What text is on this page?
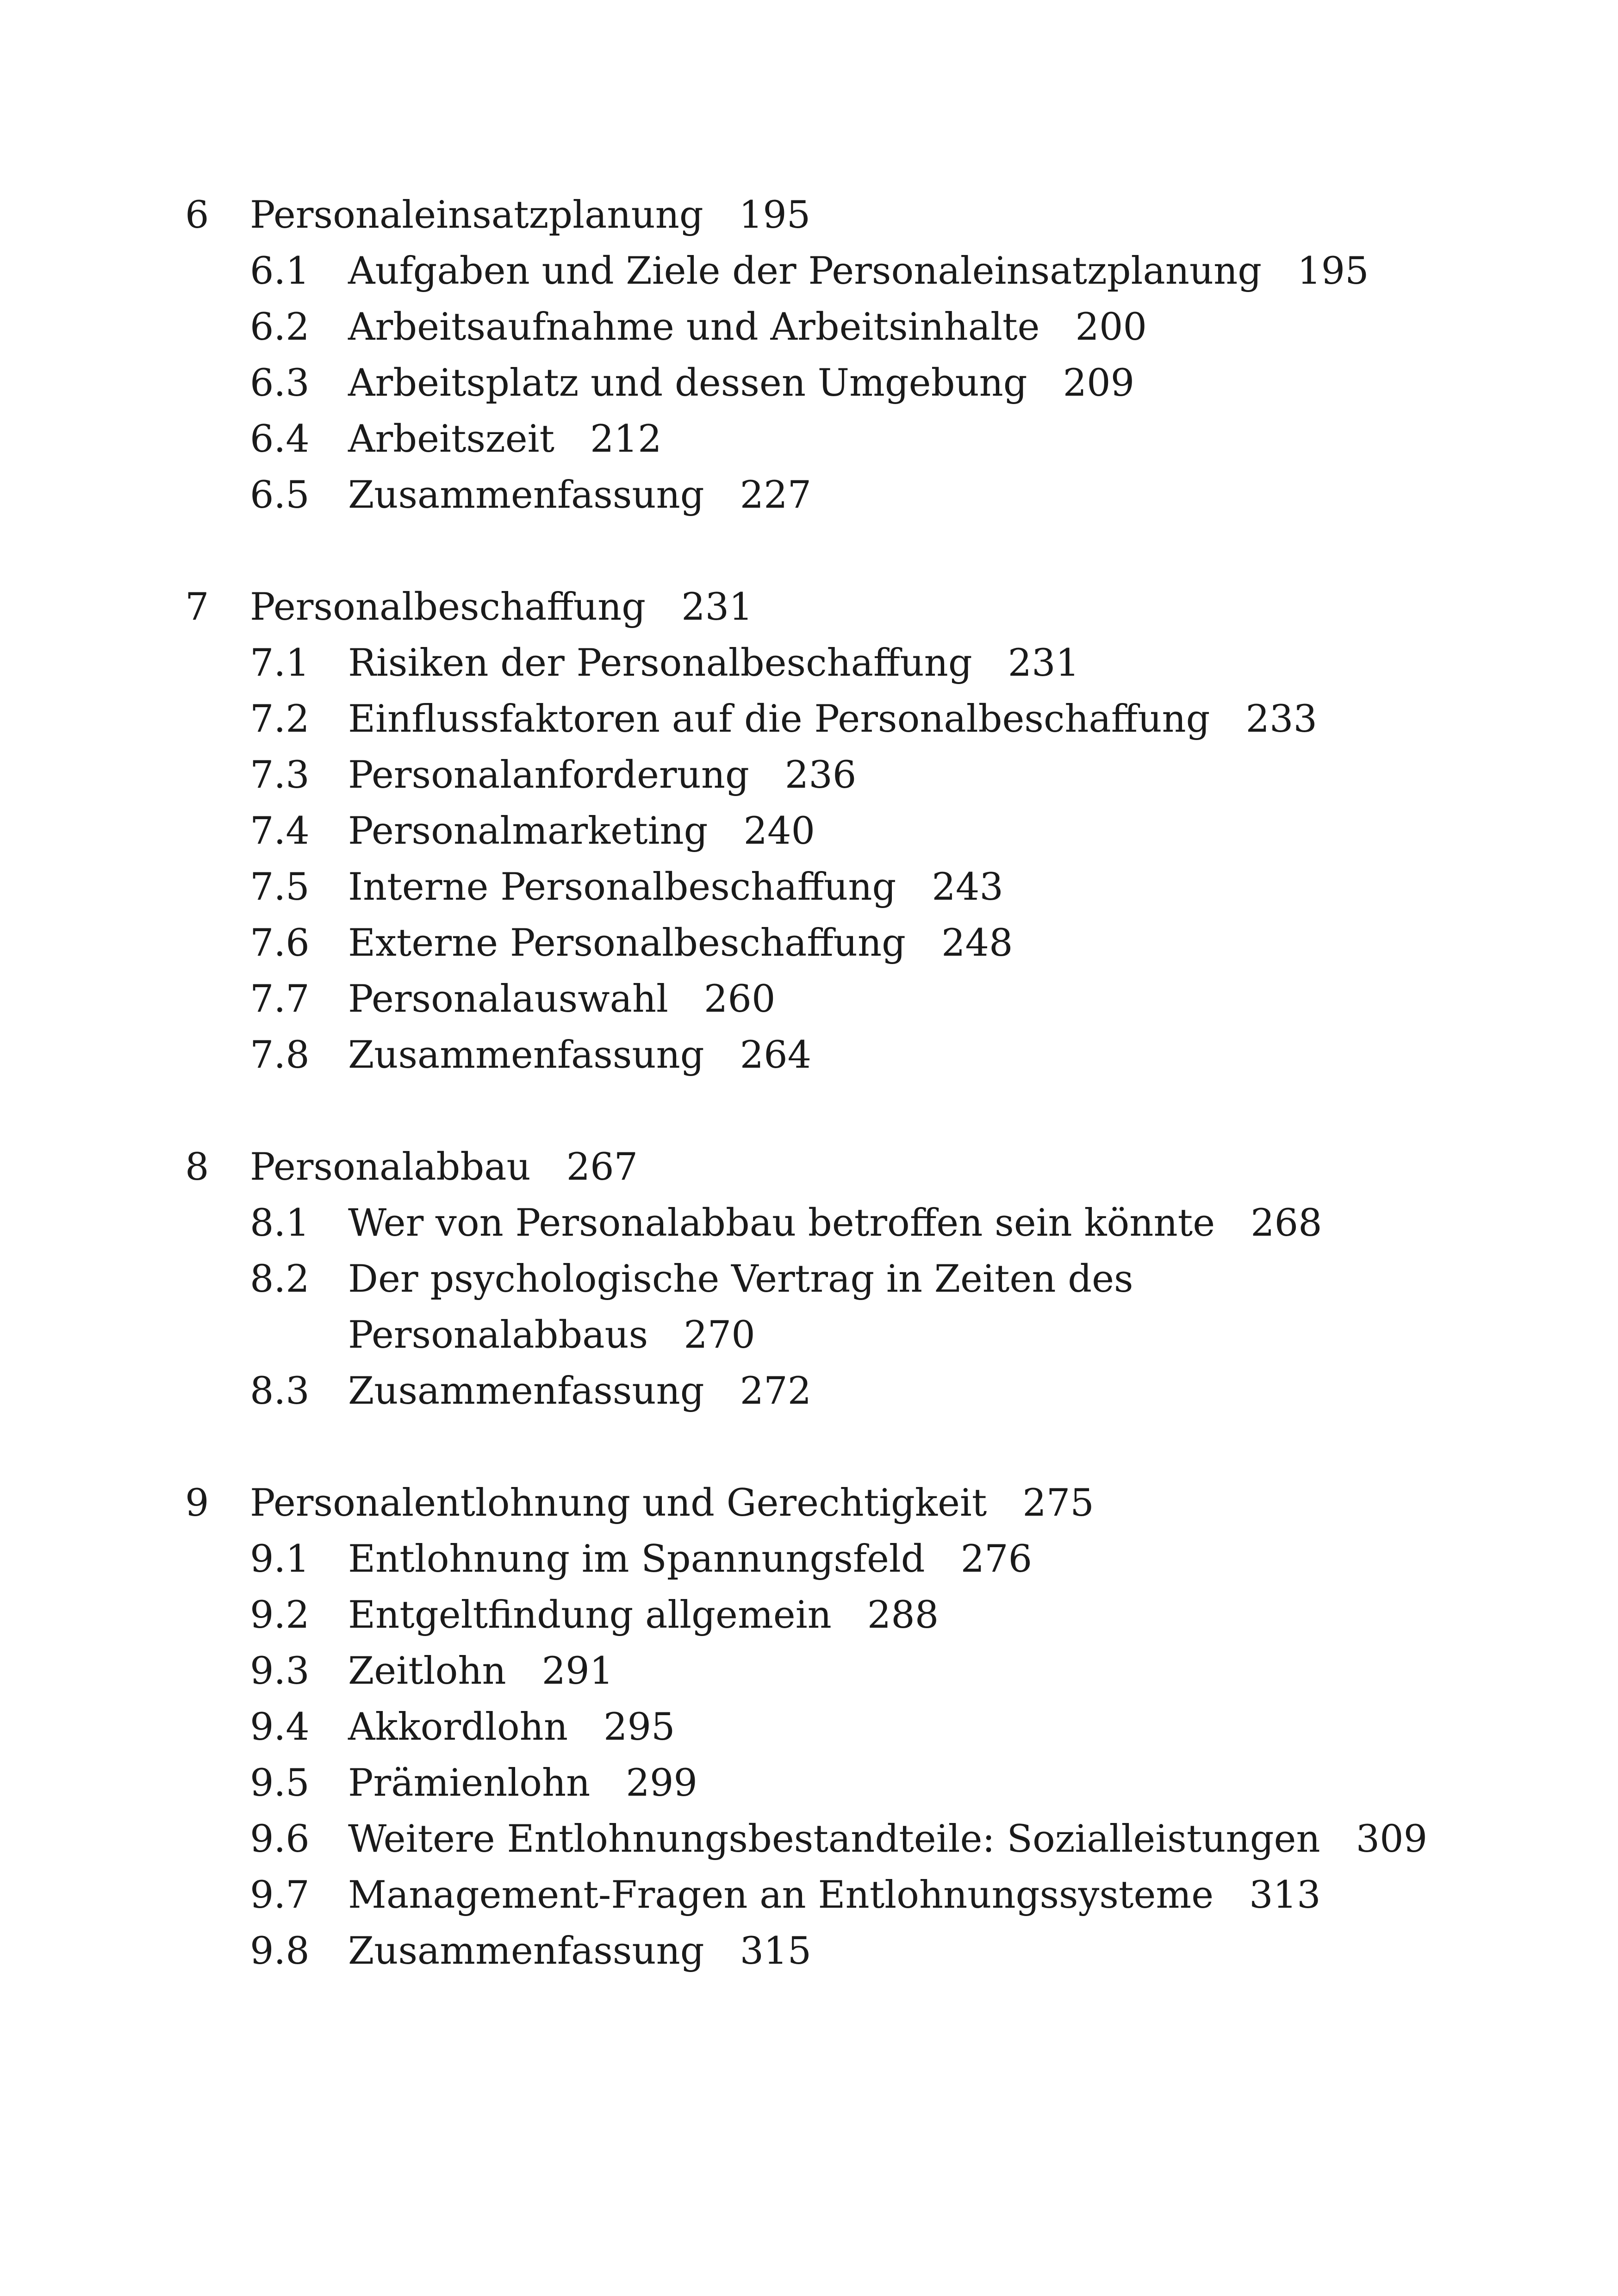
6 Personaleinsatzplanung 195
6.1 Aufgaben und Ziele der Personaleinsatzplanung 195
6.2 Arbeitsaufnahme und Arbeitsinhalte 200
6.3 Arbeitsplatz und dessen Umgebung 209
6.4 Arbeitszeit 212
6.5 Zusammenfassung 227
7 Personalbeschaffung 231
7.1 Risiken der Personalbeschaffung 231
7.2 Einflussfaktoren auf die Personalbeschaffung 233
7.3 Personalanforderung 236
7.4 Personalmarketing 240
7.5 Interne Personalbeschaffung 243
7.6 Externe Personalbeschaffung 248
7.7 Personalauswahl 260
7.8 Zusammenfassung 264
8 Personalabbau 267
8.1 Wer von Personalabbau betroffen sein könnte 268
8.2 Der psychologische Vertrag in Zeiten des
Personalabbaus 270
8.3 Zusammenfassung 272
9 Personalentlohnung und Gerechtigkeit 275
9.1 Entlohnung im Spannungsfeld 276
9.2 Entgeltfindung allgemein 288
9.3 Zeitlohn 291
9.4 Akkordlohn 295
9.5 Prämienlohn 299
9.6 Weitere Entlohnungsbestandteile: Sozialleistungen 309
9.7 Management-Fragen an Entlohnungssysteme 313
9.8 Zusammenfassung 315
